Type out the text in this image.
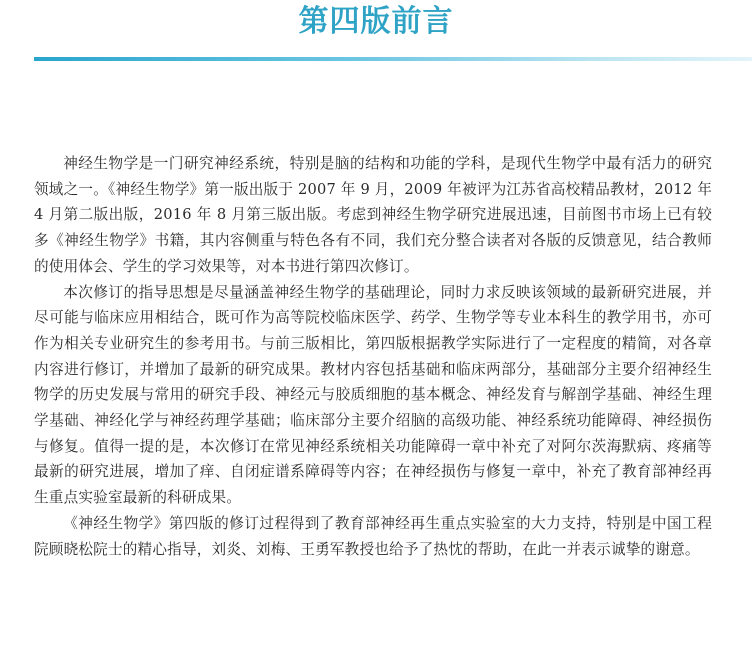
第四版前言

神经生物学是一门研究神经系统，特别是脑的结构和功能的学科，是现代生物学中最有活力的研究领域之一。《神经生物学》第一版出版于 2007 年 9 月，2009 年被评为江苏省高校精品教材，2012 年 4 月第二版出版，2016 年 8 月第三版出版。考虑到神经生物学研究进展迅速，目前图书市场上已有较多《神经生物学》书籍，其内容侧重与特色各有不同，我们充分整合读者对各版的反馈意见，结合教师的使用体会、学生的学习效果等，对本书进行第四次修订。

本次修订的指导思想是尽量涵盖神经生物学的基础理论，同时力求反映该领域的最新研究进展，并尽可能与临床应用相结合，既可作为高等院校临床医学、药学、生物学等专业本科生的教学用书，亦可作为相关专业研究生的参考用书。与前三版相比，第四版根据教学实际进行了一定程度的精简，对各章内容进行修订，并增加了最新的研究成果。教材内容包括基础和临床两部分，基础部分主要介绍神经生物学的历史发展与常用的研究手段、神经元与胶质细胞的基本概念、神经发育与解剖学基础、神经生理学基础、神经化学与神经药理学基础；临床部分主要介绍脑的高级功能、神经系统功能障碍、神经损伤与修复。值得一提的是，本次修订在常见神经系统相关功能障碍一章中补充了对阿尔茨海默病、疼痛等最新的研究进展，增加了痒、自闭症谱系障碍等内容；在神经损伤与修复一章中，补充了教育部神经再生重点实验室最新的科研成果。

《神经生物学》第四版的修订过程得到了教育部神经再生重点实验室的大力支持，特别是中国工程院顾晓松院士的精心指导，刘炎、刘梅、王勇军教授也给予了热忱的帮助，在此一并表示诚挚的谢意。
